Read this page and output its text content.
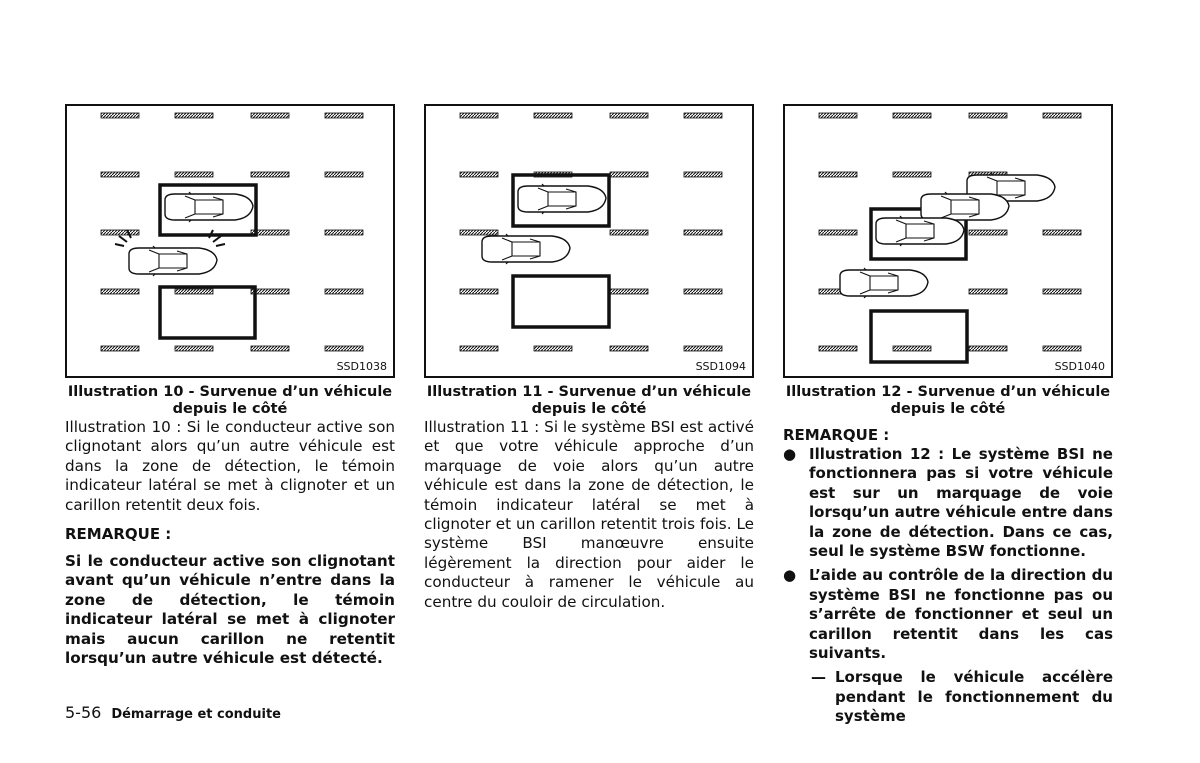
SSD1038
Illustration 10 - Survenue d’un véhicule
depuis le côté
Illustration 10 : Si le conducteur active son clignotant alors qu’un autre véhicule est dans la zone de détection, le témoin indicateur latéral se met à clignoter et un carillon retentit deux fois.
REMARQUE :
Si le conducteur active son clignotant avant qu’un véhicule n’entre dans la zone de détection, le témoin indicateur latéral se met à clignoter mais aucun carillon ne retentit lorsqu’un autre véhicule est détecté.
SSD1094
Illustration 11 - Survenue d’un véhicule
depuis le côté
Illustration 11 : Si le système BSI est activé et que votre véhicule approche d’un marquage de voie alors qu’un autre véhicule est dans la zone de détection, le témoin indicateur latéral se met à clignoter et un carillon retentit trois fois. Le système BSI manœuvre ensuite légèrement la direction pour aider le conducteur à ramener le véhicule au centre du couloir de circulation.
SSD1040
Illustration 12 - Survenue d’un véhicule
depuis le côté
REMARQUE :
● Illustration 12 : Le système BSI ne fonctionnera pas si votre véhicule est sur un marquage de voie lorsqu’un autre véhicule entre dans la zone de détection. Dans ce cas, seul le système BSW fonctionne.
● L’aide au contrôle de la direction du système BSI ne fonctionne pas ou s’arrête de fonctionner et seul un carillon retentit dans les cas suivants.
— Lorsque le véhicule accélère pendant le fonctionnement du système
5-56 Démarrage et conduite
